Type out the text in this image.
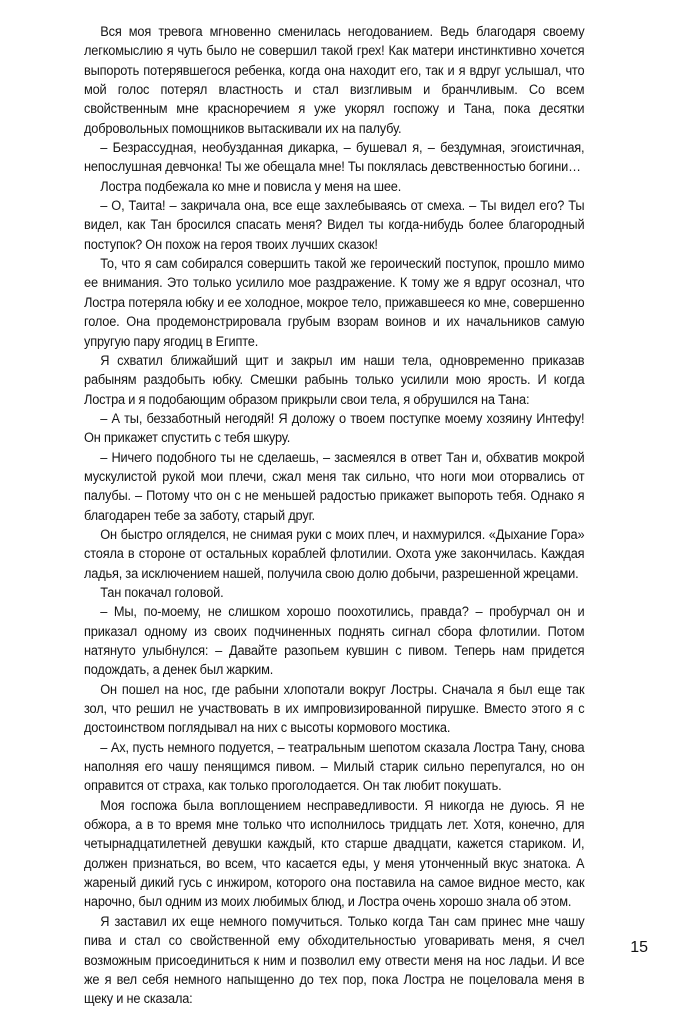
Вся моя тревога мгновенно сменилась негодованием. Ведь благодаря своему легкомыслию я чуть было не совершил такой грех! Как матери инстинктивно хочется выпороть потерявшегося ребенка, когда она находит его, так и я вдруг услышал, что мой голос потерял властность и стал визгливым и бранчливым. Со всем свойственным мне красноречием я уже укорял госпожу и Тана, пока десятки добровольных помощников вытаскивали их на палубу.

– Безрассудная, необузданная дикарка, – бушевал я, – бездумная, эгоистичная, непослушная девчонка! Ты же обещала мне! Ты поклялась девственностью богини…

Лостра подбежала ко мне и повисла у меня на шее.

– О, Таита! – закричала она, все еще захлебываясь от смеха. – Ты видел его? Ты видел, как Тан бросился спасать меня? Видел ты когда-нибудь более благородный поступок? Он похож на героя твоих лучших сказок!

То, что я сам собирался совершить такой же героический поступок, прошло мимо ее внимания. Это только усилило мое раздражение. К тому же я вдруг осознал, что Лостра потеряла юбку и ее холодное, мокрое тело, прижавшееся ко мне, совершенно голое. Она продемонстрировала грубым взорам воинов и их начальников самую упругую пару ягодиц в Египте.

Я схватил ближайший щит и закрыл им наши тела, одновременно приказав рабыням раздобыть юбку. Смешки рабынь только усилили мою ярость. И когда Лостра и я подобающим образом прикрыли свои тела, я обрушился на Тана:

– А ты, беззаботный негодяй! Я доложу о твоем поступке моему хозяину Интефу! Он прикажет спустить с тебя шкуру.

– Ничего подобного ты не сделаешь, – засмеялся в ответ Тан и, обхватив мокрой мускулистой рукой мои плечи, сжал меня так сильно, что ноги мои оторвались от палубы. – Потому что он с не меньшей радостью прикажет выпороть тебя. Однако я благодарен тебе за заботу, старый друг.

Он быстро огляделся, не снимая руки с моих плеч, и нахмурился. «Дыхание Гора» стояла в стороне от остальных кораблей флотилии. Охота уже закончилась. Каждая ладья, за исключением нашей, получила свою долю добычи, разрешенной жрецами.

Тан покачал головой.

– Мы, по-моему, не слишком хорошо поохотились, правда? – пробурчал он и приказал одному из своих подчиненных поднять сигнал сбора флотилии. Потом натянуто улыбнулся: – Давайте разопьем кувшин с пивом. Теперь нам придется подождать, а денек был жарким.

Он пошел на нос, где рабыни хлопотали вокруг Лостры. Сначала я был еще так зол, что решил не участвовать в их импровизированной пирушке. Вместо этого я с достоинством поглядывал на них с высоты кормового мостика.

– Ах, пусть немного подуется, – театральным шепотом сказала Лостра Тану, снова наполняя его чашу пенящимся пивом. – Милый старик сильно перепугался, но он оправится от страха, как только проголодается. Он так любит покушать.

Моя госпожа была воплощением несправедливости. Я никогда не дуюсь. Я не обжора, а в то время мне только что исполнилось тридцать лет. Хотя, конечно, для четырнадцатилетней девушки каждый, кто старше двадцати, кажется стариком. И, должен признаться, во всем, что касается еды, у меня утонченный вкус знатока. А жареный дикий гусь с инжиром, которого она поставила на самое видное место, как нарочно, был одним из моих любимых блюд, и Лостра очень хорошо знала об этом.

Я заставил их еще немного помучиться. Только когда Тан сам принес мне чашу пива и стал со свойственной ему обходительностью уговаривать меня, я счел возможным присоединиться к ним и позволил ему отвести меня на нос ладьи. И все же я вел себя немного напыщенно до тех пор, пока Лостра не поцеловала меня в щеку и не сказала:

15
